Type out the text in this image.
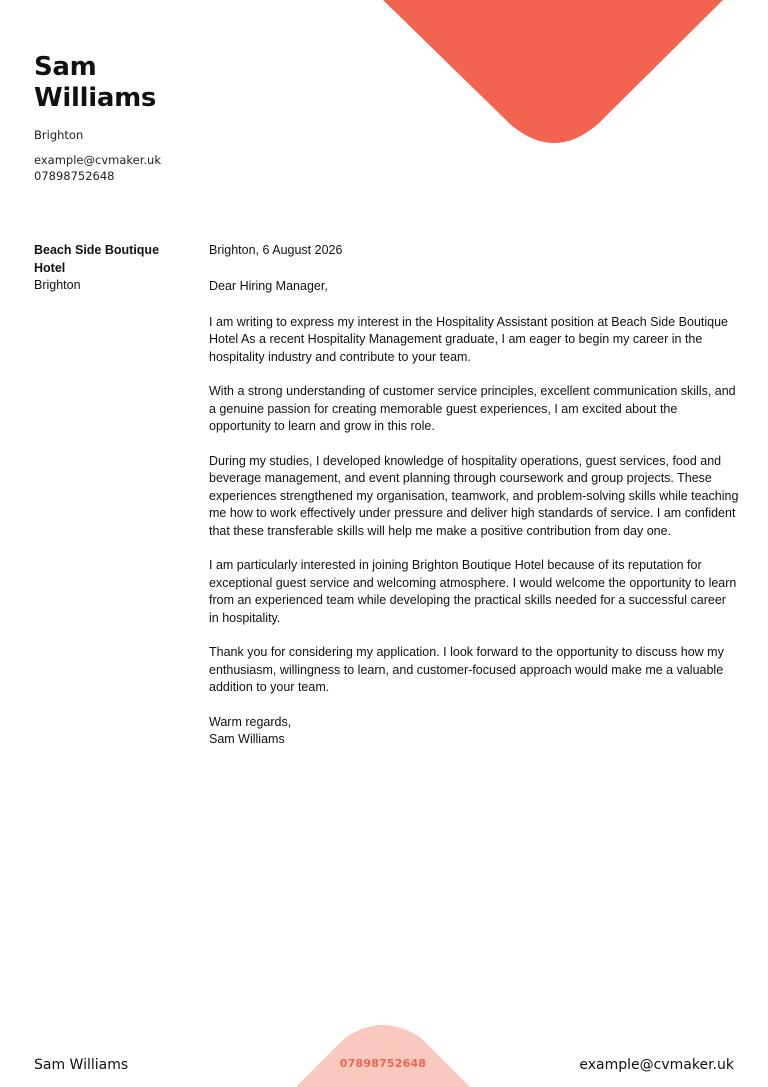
Sam
Williams
Brighton
example@cvmaker.uk
07898752648
Beach Side Boutique Hotel
Brighton

Brighton, 6 August 2026

Dear Hiring Manager,

I am writing to express my interest in the Hospitality Assistant position at Beach Side Boutique Hotel As a recent Hospitality Management graduate, I am eager to begin my career in the hospitality industry and contribute to your team.

With a strong understanding of customer service principles, excellent communication skills, and a genuine passion for creating memorable guest experiences, I am excited about the opportunity to learn and grow in this role.

During my studies, I developed knowledge of hospitality operations, guest services, food and beverage management, and event planning through coursework and group projects. These experiences strengthened my organisation, teamwork, and problem-solving skills while teaching me how to work effectively under pressure and deliver high standards of service. I am confident that these transferable skills will help me make a positive contribution from day one.

I am particularly interested in joining Brighton Boutique Hotel because of its reputation for exceptional guest service and welcoming atmosphere. I would welcome the opportunity to learn from an experienced team while developing the practical skills needed for a successful career in hospitality.

Thank you for considering my application. I look forward to the opportunity to discuss how my enthusiasm, willingness to learn, and customer-focused approach would make me a valuable addition to your team.

Warm regards,
Sam Williams

Sam Williams	07898752648	example@cvmaker.uk
